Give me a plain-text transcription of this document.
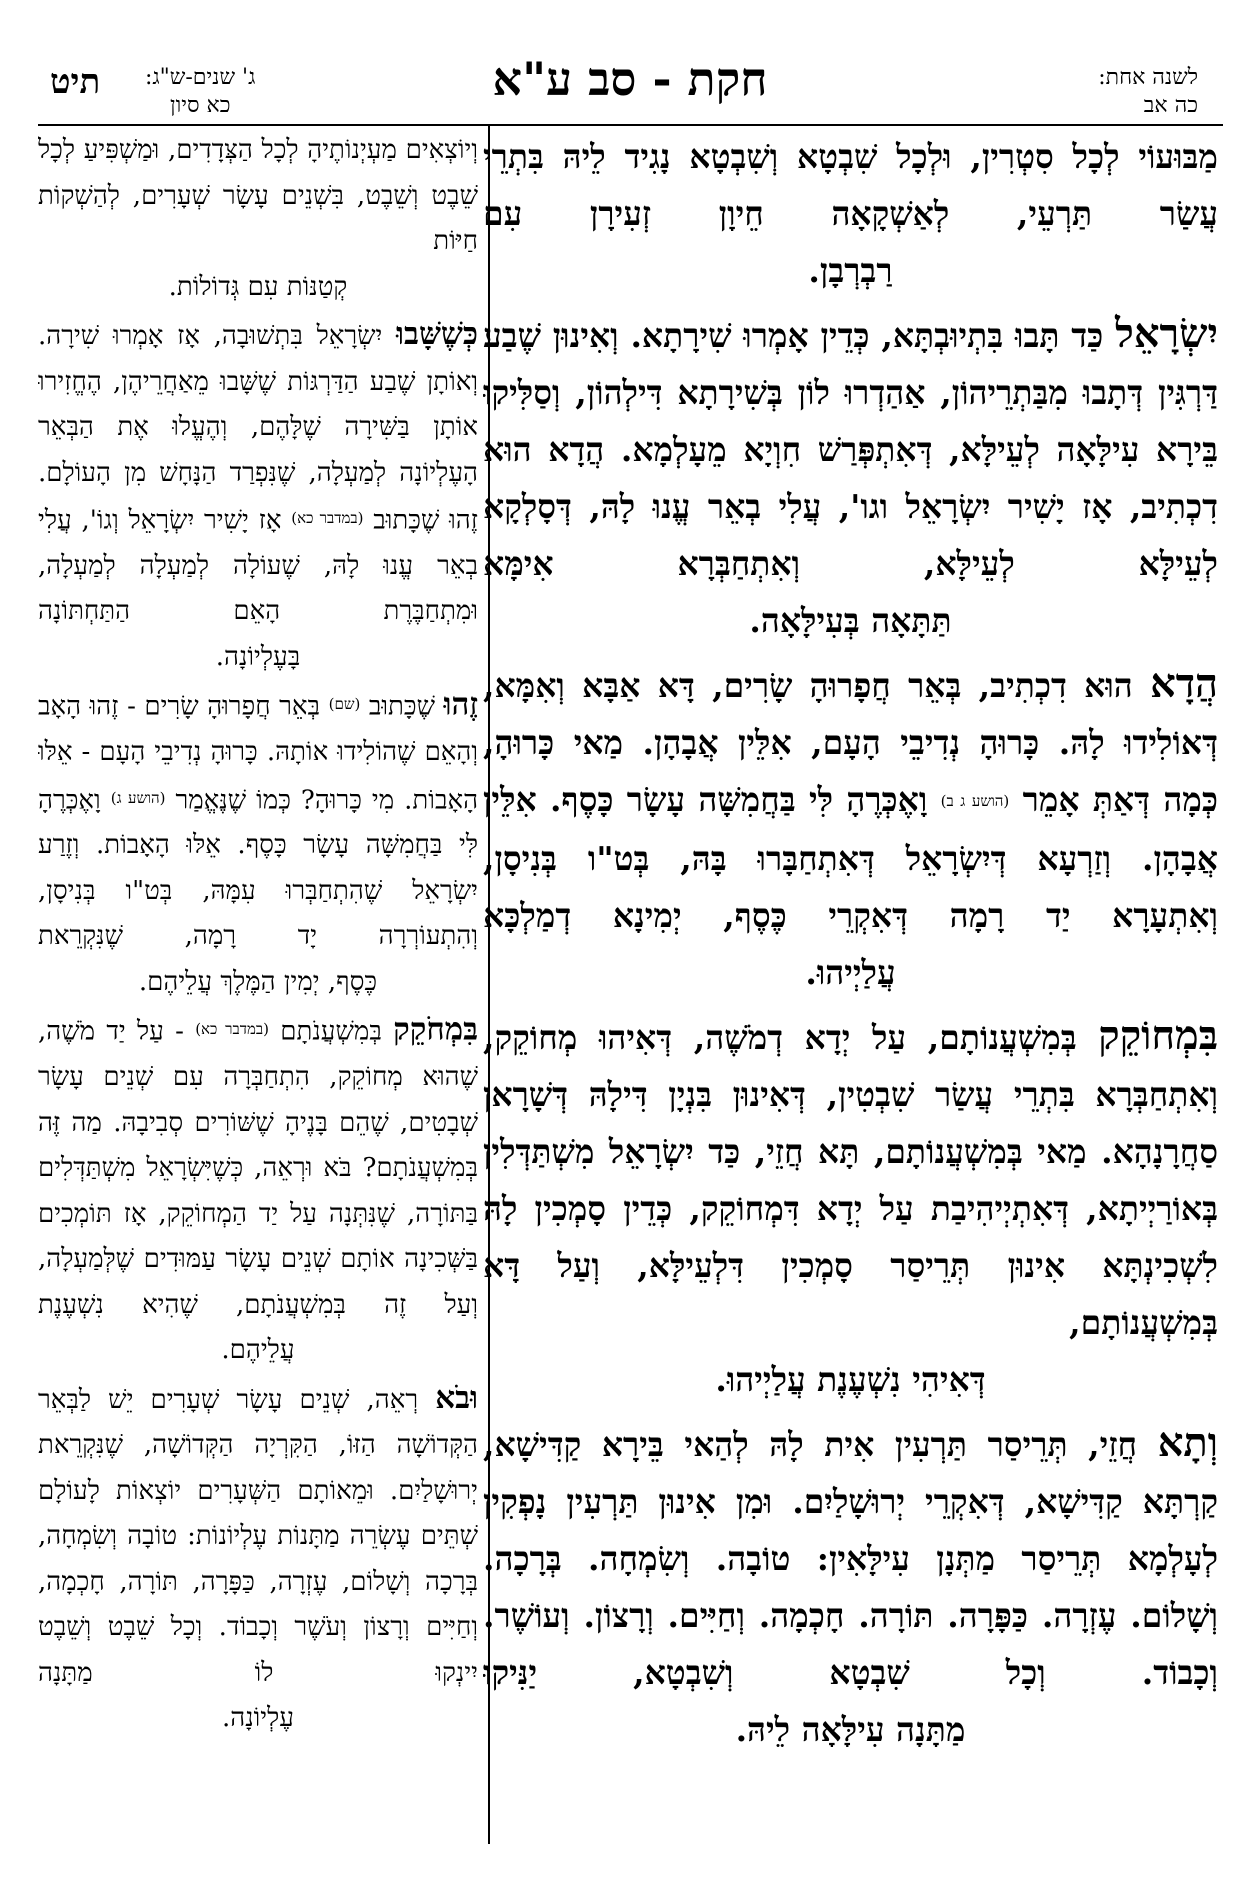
לשנה אחת:
כה אב
חקת - סב ע"א
ג' שנים-ש"ג:
כא סיון
תיט

מַבּוּעוֹי לְכָל סִטְרִין, וּלְכָל שִׁבְטָא וְשִׁבְטָא נָגִיד לֵיהּ בִּתְרֵי עֲשַׂר תַּרְעֵי, לְאַשְׁקָאָה חֵיוָן זְעִירָן עִם

רַבְרְבָן.

יִשְׂרָאֵל כַּד תָּבוּ בִּתְיוּבְתָּא, כְּדֵין אָמְרוּ שִׁירָתָא. וְאִינוּן שֶׁבַע דַּרְגִּין דְּתָבוּ מִבַּתְרֵיהוֹן, אַהַדְרוּ לוֹן בְּשִׁירָתָא דִּילְהוֹן, וְסַלִּיקוּ בֵּירָא עִילָּאָה לְעֵילָּא, דְּאִתְפְּרַשׁ חִוְיָא מֵעָלְמָא. הֲדָא הוּא דִכְתִיב, אָז יָשִׁיר יִשְׂרָאֵל וגו', עֲלִי בְאֵר עֱנוּ לָהּ, דְּסָלְקָא לְעֵילָּא לְעֵילָּא, וְאִתְחַבְּרָא אִימָּא

תַּתָּאָה בְּעִילָּאָה.

הֲדָא הוּא דִכְתִיב, בְּאֵר חֲפָרוּהָ שָׂרִים, דָּא אַבָּא וְאִמָּא, דְּאוֹלִידוּ לָהּ. כָּרוּהָ נְדִיבֵי הָעָם, אִלֵּין אֲבָהָן. מַאי כָּרוּהָ, כְּמָה דְּאַתְּ אָמֵר (הושע ג ב) וָאֶכְּרֶהָ לִּי בַּחֲמִשָּׁה עָשָׂר כָּסֶף. אִלֵּין אֲבָהָן. וְזַרְעָא דְּיִשְׂרָאֵל דְּאִתְחַבָּרוּ בָּהּ, בְּט"ו בְּנִיסָן, וְאִתְעָרָא יַד רָמָה דְּאִקְרֵי כֶּסֶף, יְמִינָא דְמַלְכָּא

עֲלַיְיהוּ.

בִּמְחוֹקֵק בְּמִשְׁעֲנוֹתָם, עַל יְדָא דְמֹשֶׁה, דְּאִיהוּ מְחוֹקֵק, וְאִתְחַבְּרָא בִּתְרֵי עֲשַׂר שִׁבְטִין, דְּאִינוּן בִּנְיָן דִּילָהּ דְּשָׁרָאן סַחֲרָנָהָא. מַאי בְּמִשְׁעֲנוֹתָם, תָּא חֲזֵי, כַּד יִשְׂרָאֵל מִשְׁתַּדְּלִין בְּאוֹרַיְיתָא, דְּאִתְיְיהִיבַת עַל יְדָא דִּמְחוֹקֵק, כְּדֵין סָמְכִין לָהּ לִשְׁכִינְתָּא אִינוּן תְּרֵיסַר סָמְכִין דִּלְעֵילָּא, וְעַל דָּא בְּמִשְׁעֲנוֹתָם,

דְּאִיהִי נִשְׁעֶנֶת עֲלַיְיהוּ.

וְתָא חֲזֵי, תְּרֵיסַר תַּרְעִין אִית לָהּ לְהַאי בֵּירָא קַדִּישָׁא, קַרְתָּא קַדִּישָׁא, דְּאִקְרֵי יְרוּשָׁלַיִם. וּמִן אִינוּן תַּרְעִין נָפְקִין לְעָלְמָא תְּרֵיסַר מַתְּנָן עִילָּאִין: טוֹבָה. וְשִׂמְחָה. בְּרָכָה. וְשָׁלוֹם. עֶזְרָה. כַּפָּרָה. תּוֹרָה. חָכְמָה. וְחַיִּים. וְרָצוֹן. וְעוֹשֶׁר. וְכָבוֹד. וְכָל שִׁבְטָא וְשִׁבְטָא, יַנִּיקוּ

מַתָּנָה עִילָּאָה לֵיהּ.

וְיוֹצְאִים מַעְיְנוֹתֶיהָ לְכָל הַצְּדָדִים, וּמַשְׁפִּיעַ לְכָל שֵׁבֶט וְשֵׁבֶט, בִּשְׁנֵים עָשָׂר שְׁעָרִים, לְהַשְׁקוֹת חַיּוֹת

קְטַנּוֹת עִם גְּדוֹלוֹת.

כְּשֶׁשָּׁבוּ יִשְׂרָאֵל בִּתְשׁוּבָה, אָז אָמְרוּ שִׁירָה. וְאוֹתָן שֶׁבַע הַדַּרְגּוֹת שֶׁשָּׁבוּ מֵאַחֲרֵיהֶן, הֶחֱזִירוּ אוֹתָן בַּשִּׁירָה שֶׁלָּהֶם, וְהֶעֱלוּ אֶת הַבְּאֵר הָעֶלְיוֹנָה לְמַעְלָה, שֶׁנִּפְרַד הַנָּחָשׁ מִן הָעוֹלָם. זֶהוּ שֶׁכָּתוּב $^{(במדבר כא)}$ אָז יָשִׁיר יִשְׂרָאֵל וְגוֹ', עֲלִי בְאֵר עֱנוּ לָהּ, שֶׁעוֹלָה לְמַעְלָה לְמַעְלָה, וּמִתְחַבֶּרֶת הָאֵם הַתַּחְתּוֹנָה

בָּעֶלְיוֹנָה.

זֶהוּ שֶׁכָּתוּב $^{(שם)}$ בְּאֵר חֲפָרוּהָ שָׂרִים - זֶהוּ הָאָב וְהָאֵם שֶׁהוֹלִידוּ אוֹתָהּ. כָּרוּהָ נְדִיבֵי הָעָם - אֵלּוּ הָאָבוֹת. מִי כָּרוּהָ? כְּמוֹ שֶׁנֶּאֱמַר $^{(הושע ג)}$ וָאֶכְּרֶהָ לִּי בַּחֲמִשָּׁה עָשָׂר כָּסֶף. אֵלּוּ הָאָבוֹת. וְזֶרַע יִשְׂרָאֵל שֶׁהִתְחַבְּרוּ עִמָּהּ, בְּט"ו בְּנִיסָן, וְהִתְעוֹרְרָה יָד רָמָה, שֶׁנִּקְרֵאת

כֶּסֶף, יְמִין הַמֶּלֶךְ עֲלֵיהֶם.

בִּמְחֹקֵק בְּמִשְׁעֲנֹתָם $^{(במדבר כא)}$ - עַל יַד מֹשֶׁה, שֶׁהוּא מְחוֹקֵק, הִתְחַבְּרָה עִם שְׁנֵים עָשָׂר שְׁבָטִים, שֶׁהֵם בָּנֶיהָ שֶׁשּׁוֹרִים סְבִיבָהּ. מַה זֶּה בְּמִשְׁעֲנֹתָם? בֹּא וּרְאֵה, כְּשֶׁיִּשְׂרָאֵל מִשְׁתַּדְּלִים בַּתּוֹרָה, שֶׁנִּתְּנָה עַל יַד הַמְחוֹקֵק, אָז תּוֹמְכִים בַּשְּׁכִינָה אוֹתָם שְׁנֵים עָשָׂר עַמּוּדִים שֶׁלְּמַעְלָה, וְעַל זֶה בְּמִשְׁעֲנֹתָם, שֶׁהִיא נִשְׁעֶנֶת

עֲלֵיהֶם.

וּבֹא רְאֵה, שְׁנֵים עָשָׂר שְׁעָרִים יֵשׁ לַבְּאֵר הַקְּדוֹשָׁה הַזּוֹ, הַקִּרְיָה הַקְּדוֹשָׁה, שֶׁנִּקְרֵאת יְרוּשָׁלַיִם. וּמֵאוֹתָם הַשְּׁעָרִים יוֹצְאוֹת לָעוֹלָם שְׁתֵּים עֶשְׂרֵה מַתָּנוֹת עֶלְיוֹנוֹת: טוֹבָה וְשִׂמְחָה, בְּרָכָה וְשָׁלוֹם, עֶזְרָה, כַּפָּרָה, תּוֹרָה, חָכְמָה, וְחַיִּים וְרָצוֹן וְעֹשֶׁר וְכָבוֹד. וְכָל שֵׁבֶט וְשֵׁבֶט יִינְקוּ לוֹ מַתָּנָה

עֶלְיוֹנָה.
